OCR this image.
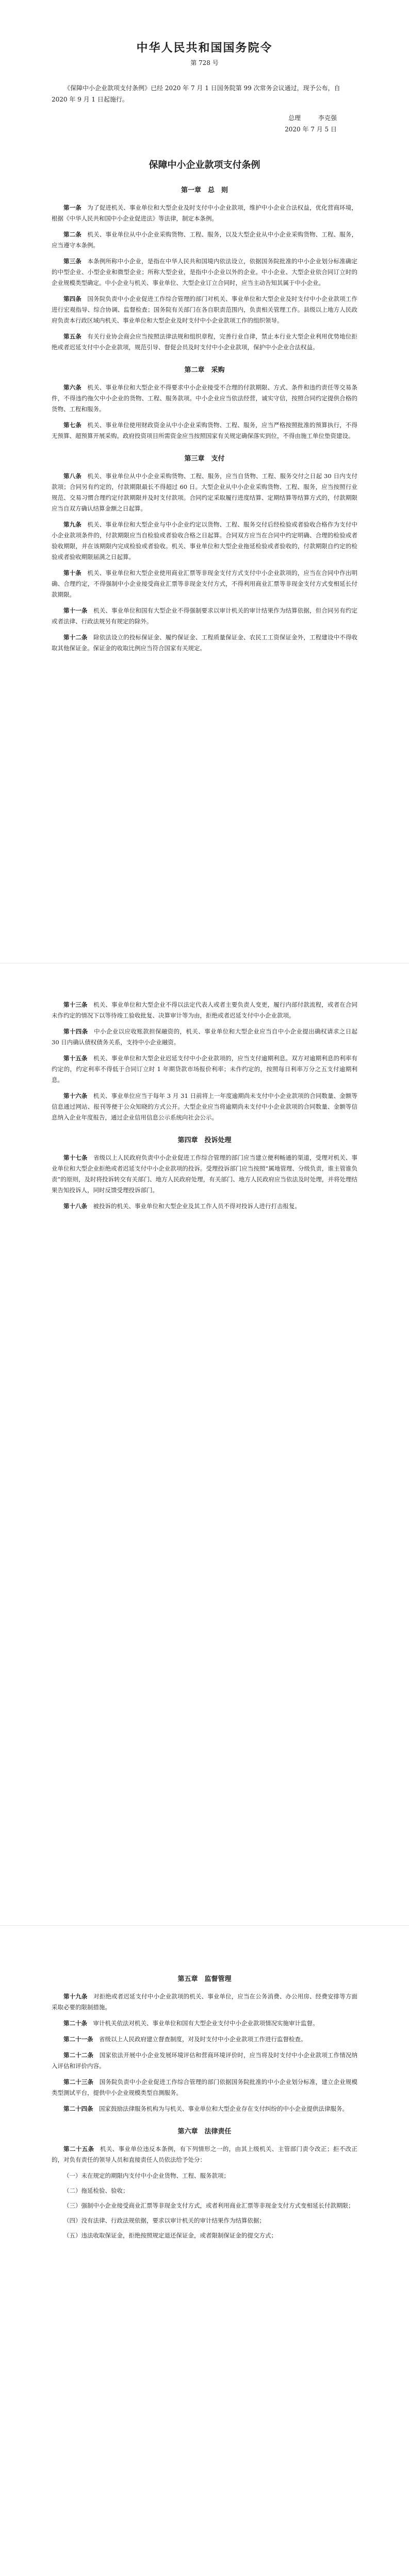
中华人民共和国国务院令
第 728 号

《保障中小企业款项支付条例》已经 2020 年 7 月 1 日国务院第 99 次常务会议通过，现予公布，自 2020 年 9 月 1 日起施行。

总理	李克强
2020 年 7 月 5 日
保障中小企业款项支付条例
第一章　总　则

第一条 为了促进机关、事业单位和大型企业及时支付中小企业款项，维护中小企业合法权益，优化营商环境，根据《中华人民共和国中小企业促进法》等法律，制定本条例。

第二条 机关、事业单位从中小企业采购货物、工程、服务，以及大型企业从中小企业采购货物、工程、服务，应当遵守本条例。

第三条 本条例所称中小企业，是指在中华人民共和国境内依法设立，依据国务院批准的中小企业划分标准确定的中型企业、小型企业和微型企业；所称大型企业，是指中小企业以外的企业。中小企业、大型企业依合同订立时的企业规模类型确定。中小企业与机关、事业单位、大型企业订立合同时，应当主动告知其属于中小企业。

第四条 国务院负责中小企业促进工作综合管理的部门对机关、事业单位和大型企业及时支付中小企业款项工作进行宏观指导、综合协调、监督检查；国务院有关部门在各自职责范围内，负责相关管理工作。县级以上地方人民政府负责本行政区域内机关、事业单位和大型企业及时支付中小企业款项工作的组织领导。

第五条 有关行业协会商会应当按照法律法规和组织章程，完善行业自律，禁止本行业大型企业利用优势地位拒绝或者迟延支付中小企业款项，规范引导、督促会员及时支付中小企业款项，保护中小企业合法权益。

第二章　采购

第六条 机关、事业单位和大型企业不得要求中小企业接受不合理的付款期限、方式、条件和违约责任等交易条件，不得违约拖欠中小企业的货物、工程、服务款项。中小企业应当依法经营，诚实守信，按照合同约定提供合格的货物、工程和服务。

第七条 机关、事业单位使用财政资金从中小企业采购货物、工程、服务，应当严格按照批准的预算执行，不得无预算、超预算开展采购。政府投资项目所需资金应当按照国家有关规定确保落实到位，不得由施工单位垫资建设。

第三章　支付

第八条 机关、事业单位从中小企业采购货物、工程、服务，应当自货物、工程、服务交付之日起 30 日内支付款项；合同另有约定的，付款期限最长不得超过 60 日。大型企业从中小企业采购货物、工程、服务，应当按照行业规范、交易习惯合理约定付款期限并及时支付款项。合同约定采取履行进度结算、定期结算等结算方式的，付款期限应当自双方确认结算金额之日起算。

第九条 机关、事业单位和大型企业与中小企业约定以货物、工程、服务交付后经检验或者验收合格作为支付中小企业款项条件的，付款期限应当自检验或者验收合格之日起算。合同双方应当在合同中约定明确、合理的检验或者验收期限，并在该期限内完成检验或者验收。机关、事业单位和大型企业拖延检验或者验收的，付款期限自约定的检验或者验收期限届满之日起算。

第十条 机关、事业单位和大型企业使用商业汇票等非现金支付方式支付中小企业款项的，应当在合同中作出明确、合理约定，不得强制中小企业接受商业汇票等非现金支付方式，不得利用商业汇票等非现金支付方式变相延长付款期限。

第十一条 机关、事业单位和国有大型企业不得强制要求以审计机关的审计结果作为结算依据，但合同另有约定或者法律、行政法规另有规定的除外。

第十二条 除依法设立的投标保证金、履约保证金、工程质量保证金、农民工工资保证金外，工程建设中不得收取其他保证金。保证金的收取比例应当符合国家有关规定。

第十三条 机关、事业单位和大型企业不得以法定代表人或者主要负责人变更，履行内部付款流程，或者在合同未作约定的情况下以等待竣工验收批复、决算审计等为由，拒绝或者迟延支付中小企业款项。

第十四条 中小企业以应收账款担保融资的，机关、事业单位和大型企业应当自中小企业提出确权请求之日起 30 日内确认债权债务关系，支持中小企业融资。

第十五条 机关、事业单位和大型企业迟延支付中小企业款项的，应当支付逾期利息。双方对逾期利息的利率有约定的，约定利率不得低于合同订立时 1 年期贷款市场报价利率；未作约定的，按照每日利率万分之五支付逾期利息。

第十六条 机关、事业单位应当于每年 3 月 31 日前将上一年度逾期尚未支付中小企业款项的合同数量、金额等信息通过网站、报刊等便于公众知晓的方式公开。大型企业应当将逾期尚未支付中小企业款项的合同数量、金额等信息纳入企业年度报告，通过企业信用信息公示系统向社会公示。

第四章　投诉处理

第十七条 省级以上人民政府负责中小企业促进工作综合管理的部门应当建立便利畅通的渠道，受理对机关、事业单位和大型企业拒绝或者迟延支付中小企业款项的投诉。受理投诉部门应当按照“属地管理、分级负责，谁主管谁负责”的原则，及时将投诉转交有关部门、地方人民政府处理，有关部门、地方人民政府应当依法及时处理，并将处理结果告知投诉人，同时反馈受理投诉部门。

第十八条 被投诉的机关、事业单位和大型企业及其工作人员不得对投诉人进行打击报复。

第五章　监督管理

第十九条 对拒绝或者迟延支付中小企业款项的机关、事业单位，应当在公务消费、办公用房、经费安排等方面采取必要的限制措施。

第二十条 审计机关依法对机关、事业单位和国有大型企业支付中小企业款项情况实施审计监督。

第二十一条 省级以上人民政府建立督查制度，对及时支付中小企业款项工作进行监督检查。

第二十二条 国家依法开展中小企业发展环境评估和营商环境评价时，应当将及时支付中小企业款项工作情况纳入评估和评价内容。

第二十三条 国务院负责中小企业促进工作综合管理的部门依据国务院批准的中小企业划分标准，建立企业规模类型测试平台，提供中小企业规模类型自测服务。

第二十四条 国家鼓励法律服务机构为与机关、事业单位和大型企业存在支付纠纷的中小企业提供法律服务。

第六章　法律责任

第二十五条 机关、事业单位违反本条例，有下列情形之一的，由其上级机关、主管部门责令改正；拒不改正的，对负有责任的领导人员和直接责任人员依法给予处分：

（一）未在规定的期限内支付中小企业货物、工程、服务款项；

（二）拖延检验、验收；

（三）强制中小企业接受商业汇票等非现金支付方式，或者利用商业汇票等非现金支付方式变相延长付款期限；

（四）没有法律、行政法规依据，要求以审计机关的审计结果作为结算依据；

（五）违法收取保证金，拒绝按照规定退还保证金，或者限制保证金的提交方式；
